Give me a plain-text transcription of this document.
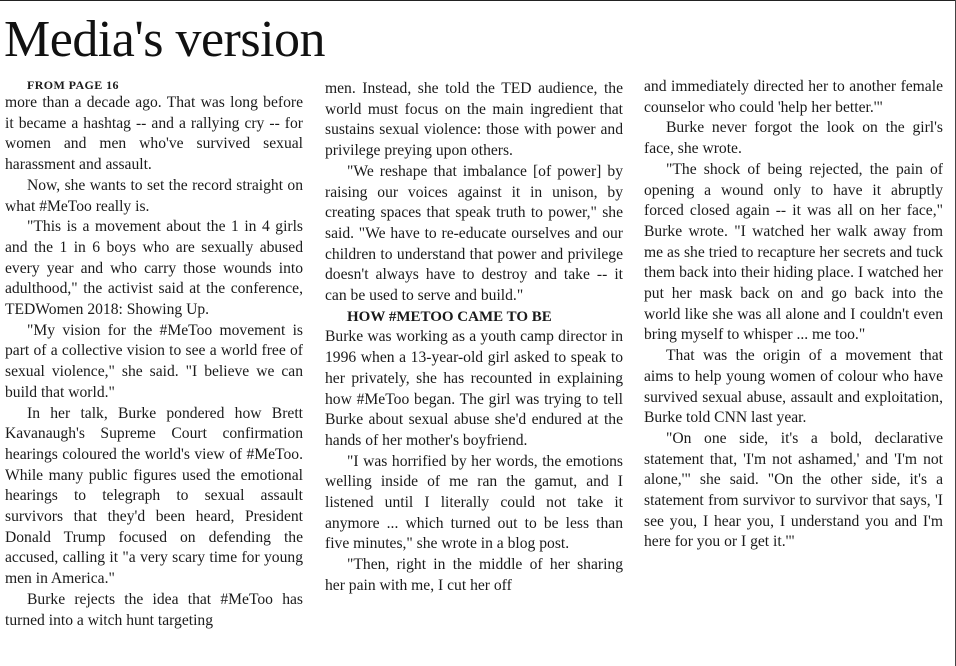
Media's version

FROM PAGE 16

more than a decade ago. That was long before it became a hashtag -- and a rallying cry -- for women and men who've survived sexual harassment and assault.

Now, she wants to set the record straight on what #MeToo really is.

"This is a movement about the 1 in 4 girls and the 1 in 6 boys who are sexually abused every year and who carry those wounds into adulthood," the activist said at the conference, TEDWomen 2018: Showing Up.

"My vision for the #MeToo movement is part of a collective vision to see a world free of sexual violence," she said. "I believe we can build that world."

In her talk, Burke pondered how Brett Kavanaugh's Supreme Court confirmation hearings coloured the world's view of #MeToo. While many public figures used the emotional hearings to telegraph to sexual assault survivors that they'd been heard, President Donald Trump focused on defending the accused, calling it "a very scary time for young men in America."

Burke rejects the idea that #MeToo has turned into a witch hunt targeting

men. Instead, she told the TED audience, the world must focus on the main ingredient that sustains sexual violence: those with power and privilege preying upon others.

"We reshape that imbalance [of power] by raising our voices against it in unison, by creating spaces that speak truth to power," she said. "We have to re-educate ourselves and our children to understand that power and privilege doesn't always have to destroy and take -- it can be used to serve and build."

HOW #METOO CAME TO BE

Burke was working as a youth camp director in 1996 when a 13-year-old girl asked to speak to her privately, she has recounted in explaining how #MeToo began. The girl was trying to tell Burke about sexual abuse she'd endured at the hands of her mother's boyfriend.

"I was horrified by her words, the emotions welling inside of me ran the gamut, and I listened until I literally could not take it anymore ... which turned out to be less than five minutes," she wrote in a blog post.

"Then, right in the middle of her sharing her pain with me, I cut her off

and immediately directed her to another female counselor who could 'help her better.'"

Burke never forgot the look on the girl's face, she wrote.

"The shock of being rejected, the pain of opening a wound only to have it abruptly forced closed again -- it was all on her face," Burke wrote. "I watched her walk away from me as she tried to recapture her secrets and tuck them back into their hiding place. I watched her put her mask back on and go back into the world like she was all alone and I couldn't even bring myself to whisper ... me too."

That was the origin of a movement that aims to help young women of colour who have survived sexual abuse, assault and exploitation, Burke told CNN last year.

"On one side, it's a bold, declarative statement that, 'I'm not ashamed,' and 'I'm not alone,'" she said. "On the other side, it's a statement from survivor to survivor that says, 'I see you, I hear you, I understand you and I'm here for you or I get it.'"
